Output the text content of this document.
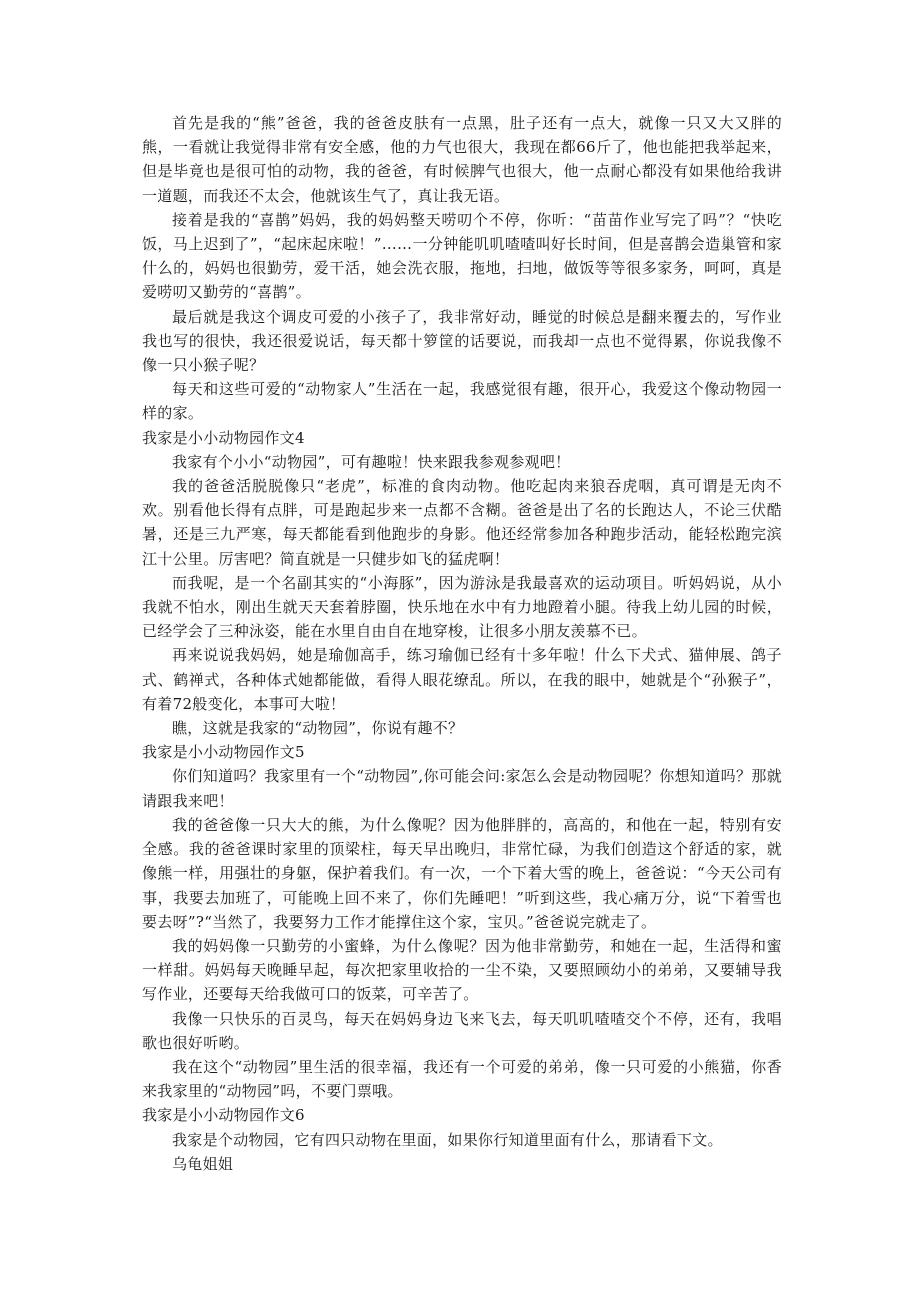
首先是我的“熊”爸爸，我的爸爸皮肤有一点黑，肚子还有一点大，就像一只又大又胖的熊，一看就让我觉得非常有安全感，他的力气也很大，我现在都66斤了，他也能把我举起来，但是毕竟也是很可怕的动物，我的爸爸，有时候脾气也很大，他一点耐心都没有如果他给我讲一道题，而我还不太会，他就该生气了，真让我无语。

接着是我的“喜鹊”妈妈，我的妈妈整天唠叨个不停，你听：“苗苗作业写完了吗”？“快吃饭，马上迟到了”，“起床起床啦！”……一分钟能叽叽喳喳叫好长时间，但是喜鹊会造巢管和家什么的，妈妈也很勤劳，爱干活，她会洗衣服，拖地，扫地，做饭等等很多家务，呵呵，真是爱唠叨又勤劳的“喜鹊”。

最后就是我这个调皮可爱的小孩子了，我非常好动，睡觉的时候总是翻来覆去的，写作业我也写的很快，我还很爱说话，每天都十箩筐的话要说，而我却一点也不觉得累，你说我像不像一只小猴子呢？

每天和这些可爱的“动物家人”生活在一起，我感觉很有趣，很开心，我爱这个像动物园一样的家。

我家是小小动物园作文4

我家有个小小“动物园”，可有趣啦！快来跟我参观参观吧！

我的爸爸活脱脱像只“老虎”，标准的食肉动物。他吃起肉来狼吞虎咽，真可谓是无肉不欢。别看他长得有点胖，可是跑起步来一点都不含糊。爸爸是出了名的长跑达人，不论三伏酷暑，还是三九严寒，每天都能看到他跑步的身影。他还经常参加各种跑步活动，能轻松跑完滨江十公里。厉害吧？简直就是一只健步如飞的猛虎啊！

而我呢，是一个名副其实的“小海豚”，因为游泳是我最喜欢的运动项目。听妈妈说，从小我就不怕水，刚出生就天天套着脖圈，快乐地在水中有力地蹬着小腿。待我上幼儿园的时候，已经学会了三种泳姿，能在水里自由自在地穿梭，让很多小朋友羡慕不已。

再来说说我妈妈，她是瑜伽高手，练习瑜伽已经有十多年啦！什么下犬式、猫伸展、鸽子式、鹤禅式，各种体式她都能做，看得人眼花缭乱。所以，在我的眼中，她就是个“孙猴子”，有着72般变化，本事可大啦！

瞧，这就是我家的“动物园”，你说有趣不？

我家是小小动物园作文5

你们知道吗？我家里有一个“动物园”,你可能会问:家怎么会是动物园呢？你想知道吗？那就请跟我来吧！

我的爸爸像一只大大的熊，为什么像呢？因为他胖胖的，高高的，和他在一起，特别有安全感。我的爸爸课时家里的顶梁柱，每天早出晚归，非常忙碌，为我们创造这个舒适的家，就像熊一样，用强壮的身躯，保护着我们。有一次，一个下着大雪的晚上，爸爸说：“今天公司有事，我要去加班了，可能晚上回不来了，你们先睡吧！”听到这些，我心痛万分，说“下着雪也要去呀”?“当然了，我要努力工作才能撑住这个家，宝贝。”爸爸说完就走了。

我的妈妈像一只勤劳的小蜜蜂，为什么像呢？因为他非常勤劳，和她在一起，生活得和蜜一样甜。妈妈每天晚睡早起，每次把家里收拾的一尘不染，又要照顾幼小的弟弟，又要辅导我写作业，还要每天给我做可口的饭菜，可辛苦了。

我像一只快乐的百灵鸟，每天在妈妈身边飞来飞去，每天叽叽喳喳交个不停，还有，我唱歌也很好听哟。

我在这个“动物园”里生活的很幸福，我还有一个可爱的弟弟，像一只可爱的小熊猫，你香来我家里的“动物园”吗，不要门票哦。

我家是小小动物园作文6

我家是个动物园，它有四只动物在里面，如果你行知道里面有什么，那请看下文。

乌龟姐姐
